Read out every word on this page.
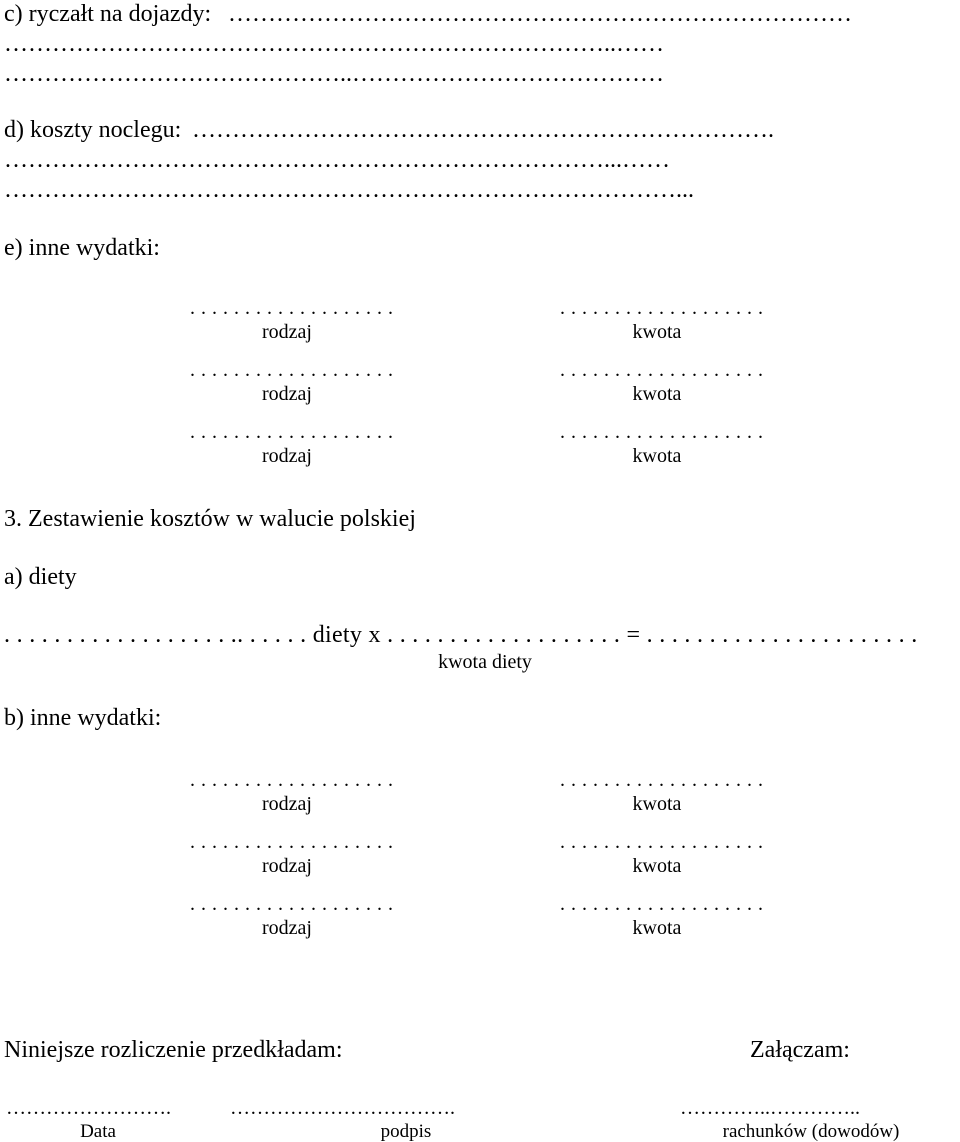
c) ryczałt na dojazdy: ……………………………………………………………………
…………………………………………………………………..……
……………………………………..…………………………………
d) koszty noclegu: ……………………………………………………………….
…………………………………………………………………...……
…………………………………………………………………………...
e) inne wydatki:
. . . . . . . . . . . . . . . . . . .
rodzaj
. . . . . . . . . . . . . . . . . . .
kwota
. . . . . . . . . . . . . . . . . . .
rodzaj
. . . . . . . . . . . . . . . . . . .
kwota
. . . . . . . . . . . . . . . . . . .
rodzaj
. . . . . . . . . . . . . . . . . . .
kwota
3. Zestawienie kosztów w walucie polskiej
a) diety
. . . . . . . . . . . . . . . . . . .. . . . . . diety x . . . . . . . . . . . . . . . . . . . = . . . . . . . . . . . . . . . . . . . . . .
kwota diety
b) inne wydatki:
. . . . . . . . . . . . . . . . . . .
rodzaj
. . . . . . . . . . . . . . . . . . .
kwota
. . . . . . . . . . . . . . . . . . .
rodzaj
. . . . . . . . . . . . . . . . . . .
kwota
. . . . . . . . . . . . . . . . . . .
rodzaj
. . . . . . . . . . . . . . . . . . .
kwota
Niniejsze rozliczenie przedkładam:	Załączam:
…………………….
Data
…………………………….
podpis
…………..…………..
rachunków (dowodów)
